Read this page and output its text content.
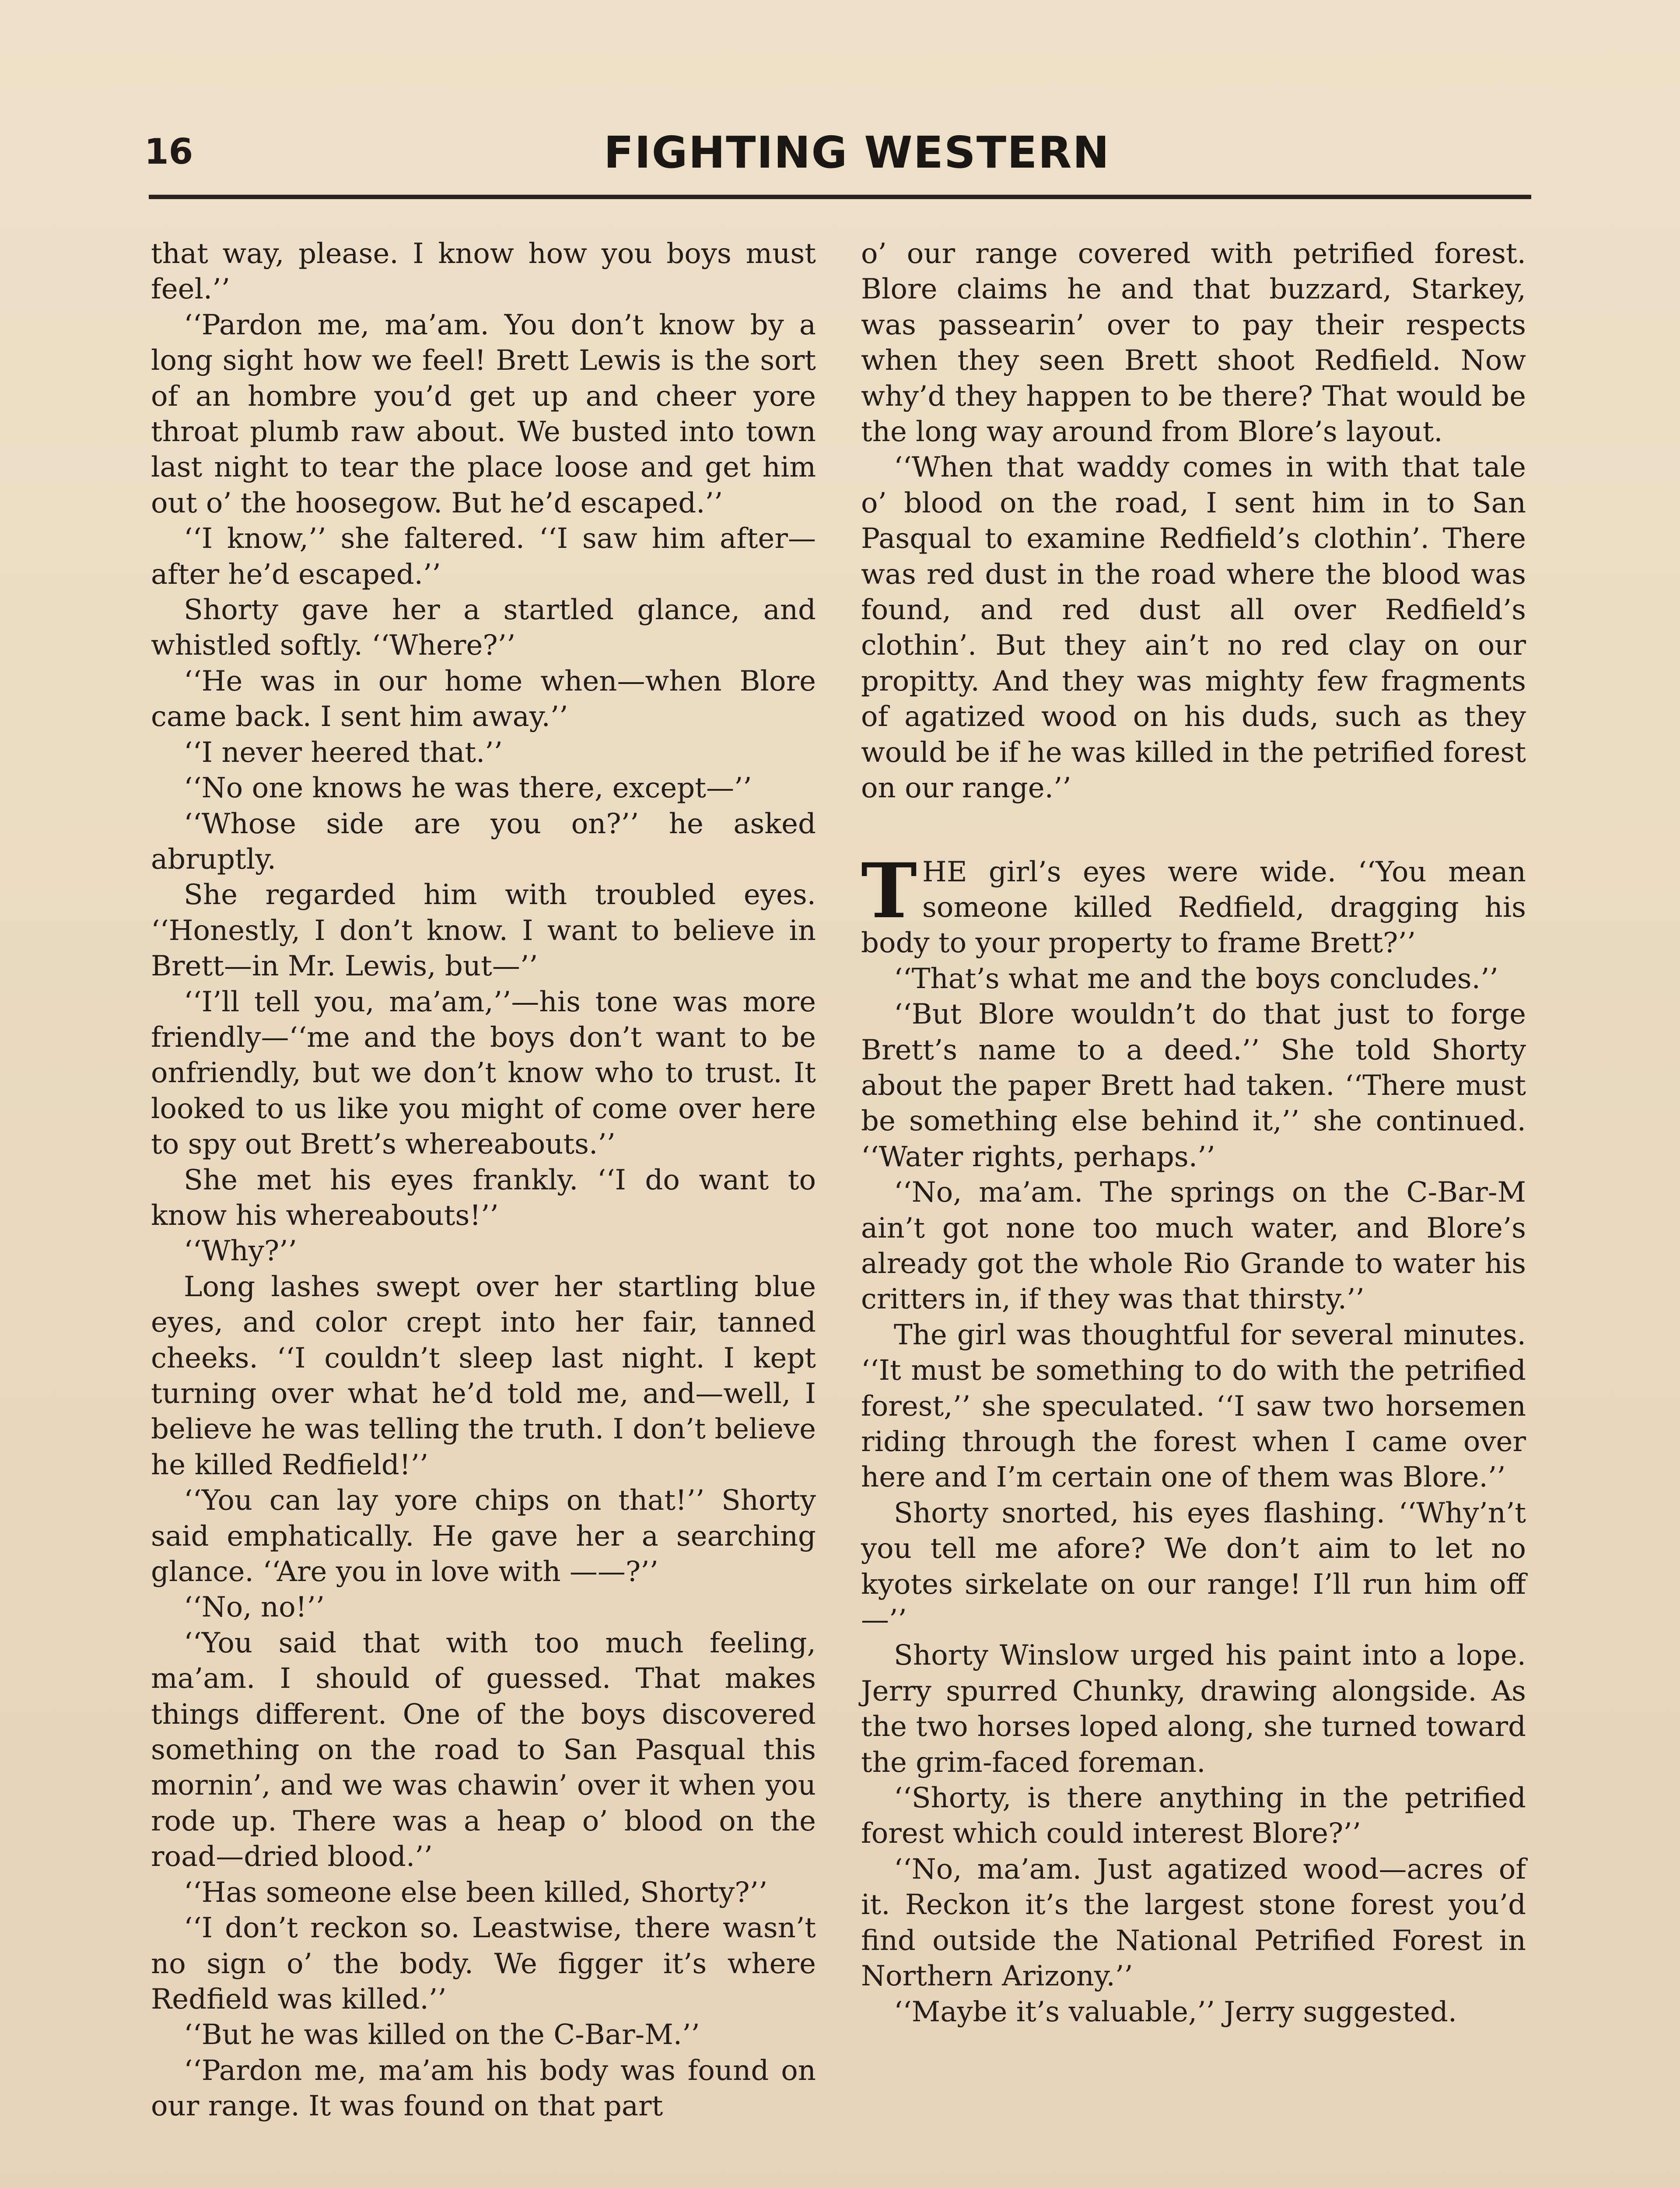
16	FIGHTING WESTERN

that way, please. I know how you boys must feel.’’

‘‘Pardon me, ma’am. You don’t know by a long sight how we feel! Brett Lewis is the sort of an hombre you’d get up and cheer yore throat plumb raw about. We busted into town last night to tear the place loose and get him out o’ the hoosegow. But he’d escaped.’’

‘‘I know,’’ she faltered. ‘‘I saw him after—after he’d escaped.’’

Shorty gave her a startled glance, and whistled softly. ‘‘Where?’’

‘‘He was in our home when—when Blore came back. I sent him away.’’

‘‘I never heered that.’’

‘‘No one knows he was there, except—’’

‘‘Whose side are you on?’’ he asked abruptly.

She regarded him with troubled eyes. ‘‘Honestly, I don’t know. I want to believe in Brett—in Mr. Lewis, but—’’

‘‘I’ll tell you, ma’am,’’—his tone was more friendly—‘‘me and the boys don’t want to be onfriendly, but we don’t know who to trust. It looked to us like you might of come over here to spy out Brett’s whereabouts.’’

She met his eyes frankly. ‘‘I do want to know his whereabouts!’’

‘‘Why?’’

Long lashes swept over her startling blue eyes, and color crept into her fair, tanned cheeks. ‘‘I couldn’t sleep last night. I kept turning over what he’d told me, and—well, I believe he was telling the truth. I don’t believe he killed Redfield!’’

‘‘You can lay yore chips on that!’’ Shorty said emphatically. He gave her a searching glance. ‘‘Are you in love with ——?’’

‘‘No, no!’’

‘‘You said that with too much feeling, ma’am. I should of guessed. That makes things different. One of the boys discovered something on the road to San Pasqual this mornin’, and we was chawin’ over it when you rode up. There was a heap o’ blood on the road—dried blood.’’

‘‘Has someone else been killed, Shorty?’’

‘‘I don’t reckon so. Leastwise, there wasn’t no sign o’ the body. We figger it’s where Redfield was killed.’’

‘‘But he was killed on the C-Bar-M.’’

‘‘Pardon me, ma’am his body was found on our range. It was found on that part

o’ our range covered with petrified forest. Blore claims he and that buzzard, Starkey, was passearin’ over to pay their respects when they seen Brett shoot Redfield. Now why’d they happen to be there? That would be the long way around from Blore’s layout.

‘‘When that waddy comes in with that tale o’ blood on the road, I sent him in to San Pasqual to examine Redfield’s clothin’. There was red dust in the road where the blood was found, and red dust all over Redfield’s clothin’. But they ain’t no red clay on our propitty. And they was mighty few fragments of agatized wood on his duds, such as they would be if he was killed in the petrified forest on our range.’’

THE girl’s eyes were wide. ‘‘You mean someone killed Redfield, dragging his body to your property to frame Brett?’’

‘‘That’s what me and the boys concludes.’’

‘‘But Blore wouldn’t do that just to forge Brett’s name to a deed.’’ She told Shorty about the paper Brett had taken. ‘‘There must be something else behind it,’’ she continued. ‘‘Water rights, perhaps.’’

‘‘No, ma’am. The springs on the C-Bar-M ain’t got none too much water, and Blore’s already got the whole Rio Grande to water his critters in, if they was that thirsty.’’

The girl was thoughtful for several minutes. ‘‘It must be something to do with the petrified forest,’’ she speculated. ‘‘I saw two horsemen riding through the forest when I came over here and I’m certain one of them was Blore.’’

Shorty snorted, his eyes flashing. ‘‘Why’n’t you tell me afore? We don’t aim to let no kyotes sirkelate on our range! I’ll run him off—’’

Shorty Winslow urged his paint into a lope. Jerry spurred Chunky, drawing alongside. As the two horses loped along, she turned toward the grim-faced foreman.

‘‘Shorty, is there anything in the petrified forest which could interest Blore?’’

‘‘No, ma’am. Just agatized wood—acres of it. Reckon it’s the largest stone forest you’d find outside the National Petrified Forest in Northern Arizony.’’

‘‘Maybe it’s valuable,’’ Jerry suggested.
